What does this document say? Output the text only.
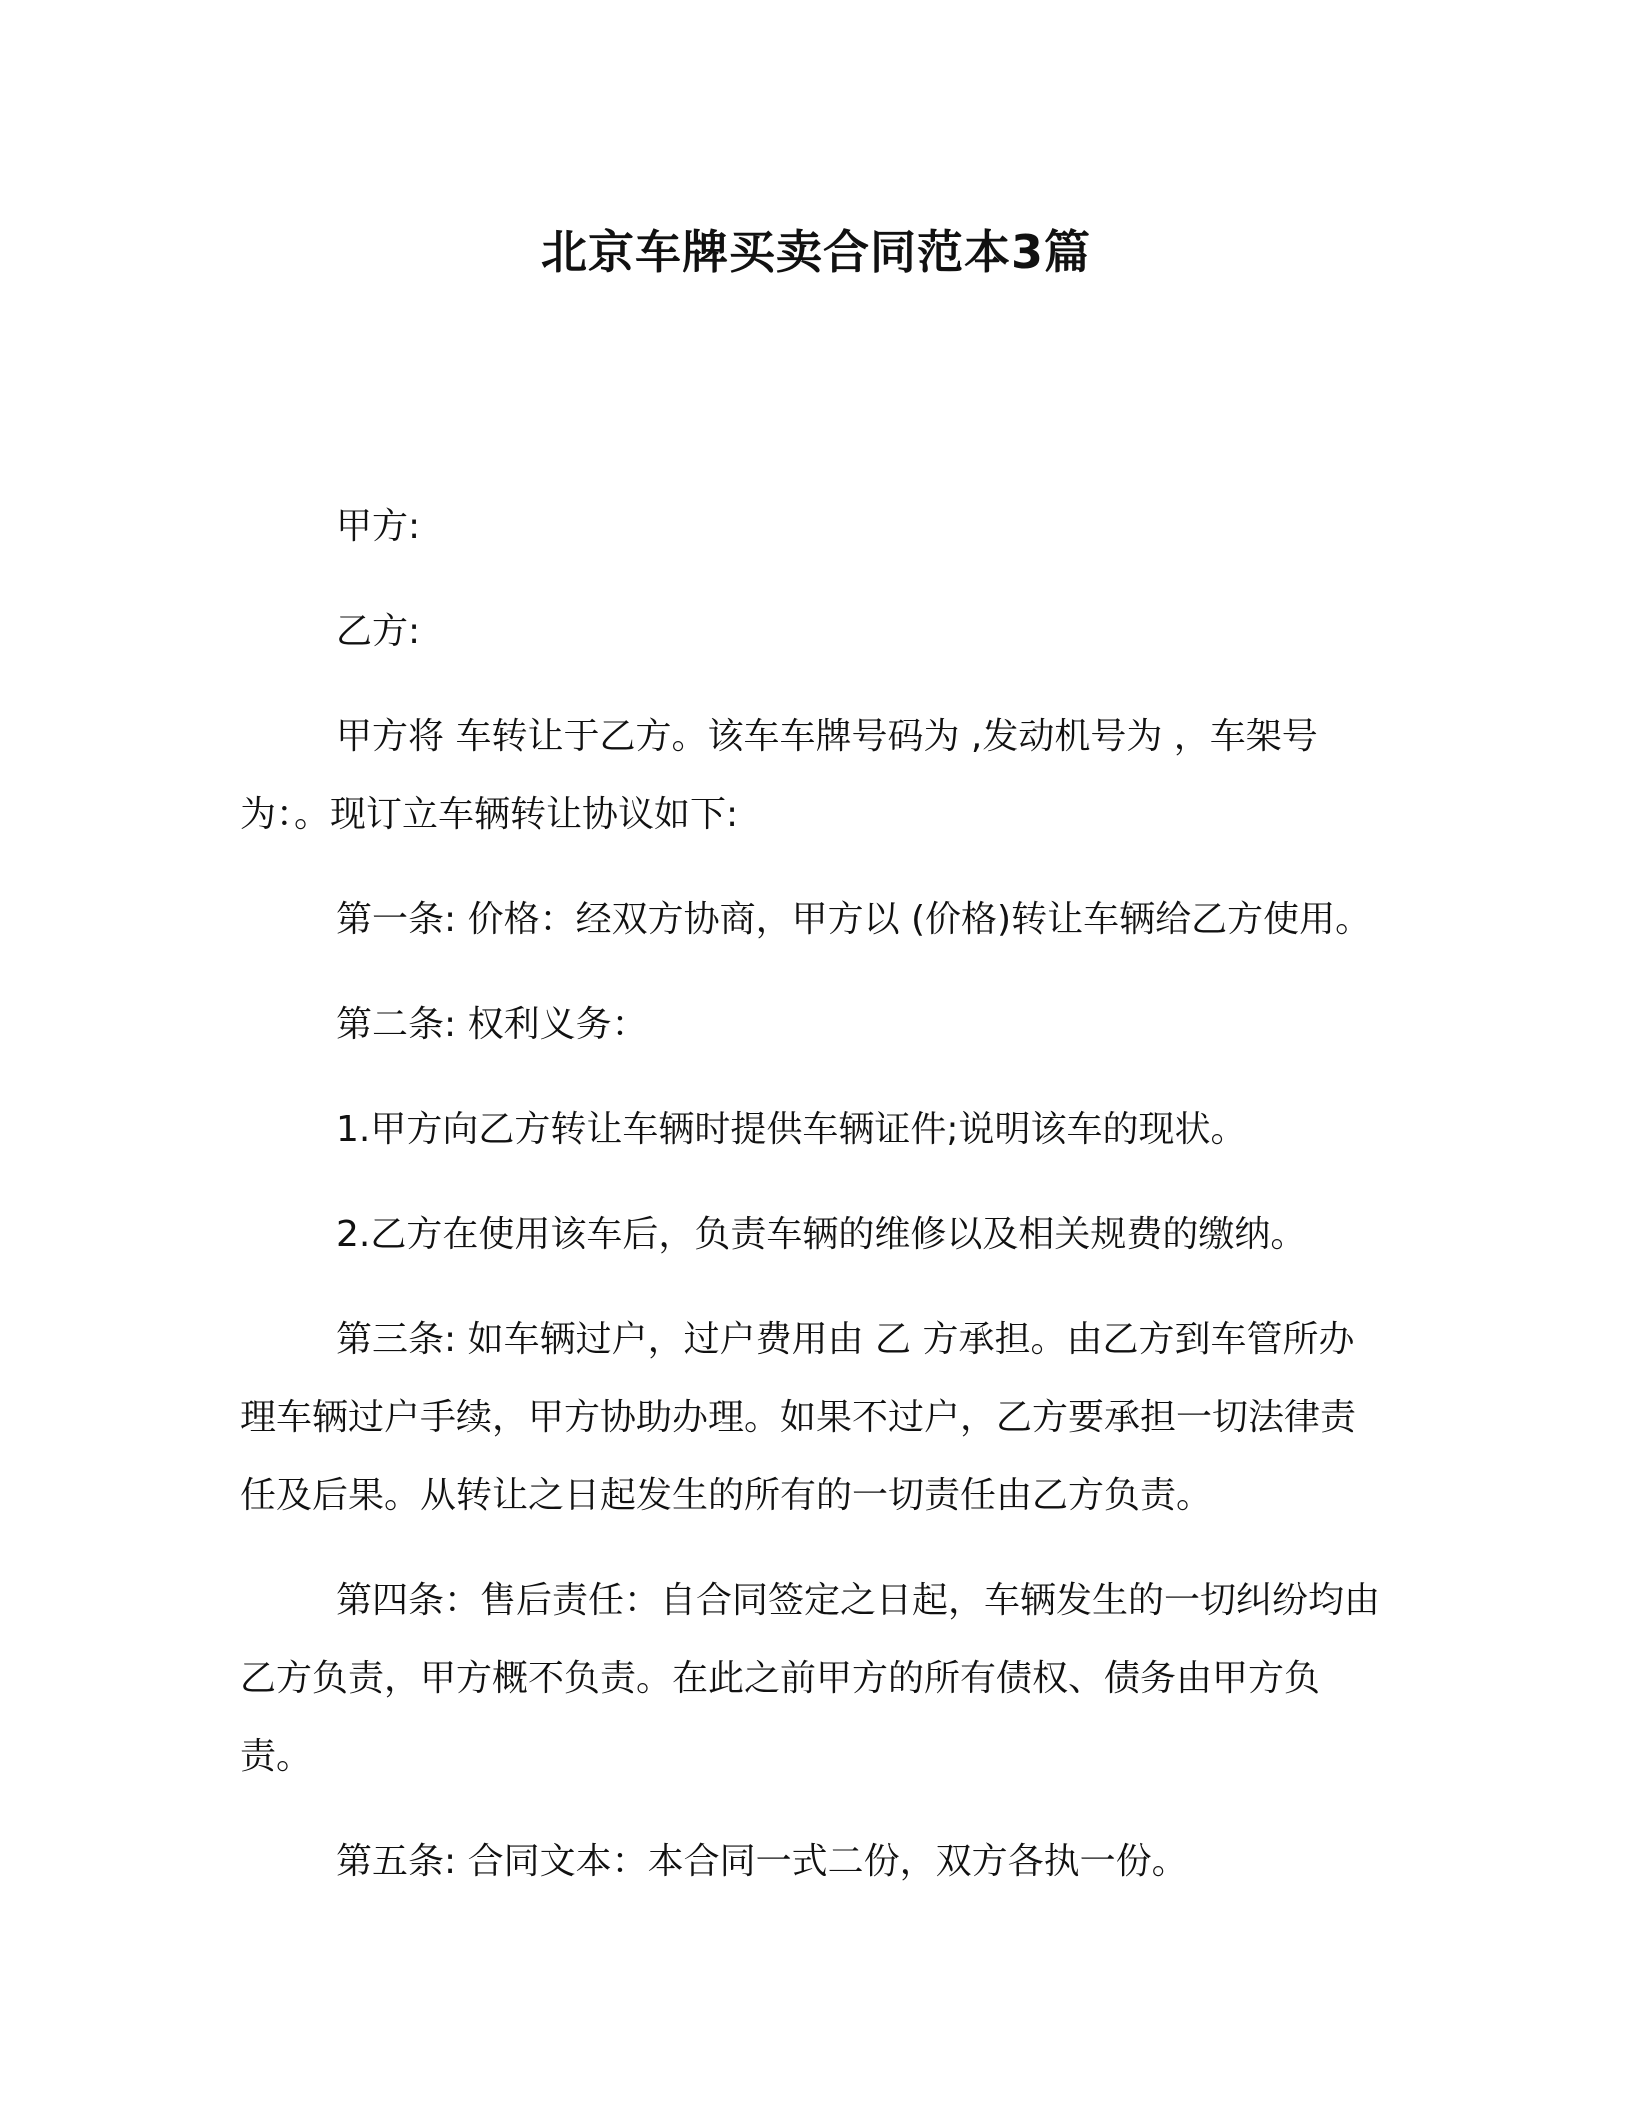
北京车牌买卖合同范本3篇

甲方:

乙方:

甲方将 车转让于乙方。该车车牌号码为 ,发动机号为 ，车架号为：。现订立车辆转让协议如下:

第一条: 价格：经双方协商，甲方以 (价格)转让车辆给乙方使用。

第二条: 权利义务：

1.甲方向乙方转让车辆时提供车辆证件;说明该车的现状。

2.乙方在使用该车后，负责车辆的维修以及相关规费的缴纳。

第三条: 如车辆过户，过户费用由 乙 方承担。由乙方到车管所办理车辆过户手续，甲方协助办理。如果不过户，乙方要承担一切法律责任及后果。从转让之日起发生的所有的一切责任由乙方负责。

第四条：售后责任：自合同签定之日起，车辆发生的一切纠纷均由乙方负责，甲方概不负责。在此之前甲方的所有债权、债务由甲方负责。

第五条: 合同文本：本合同一式二份，双方各执一份。
